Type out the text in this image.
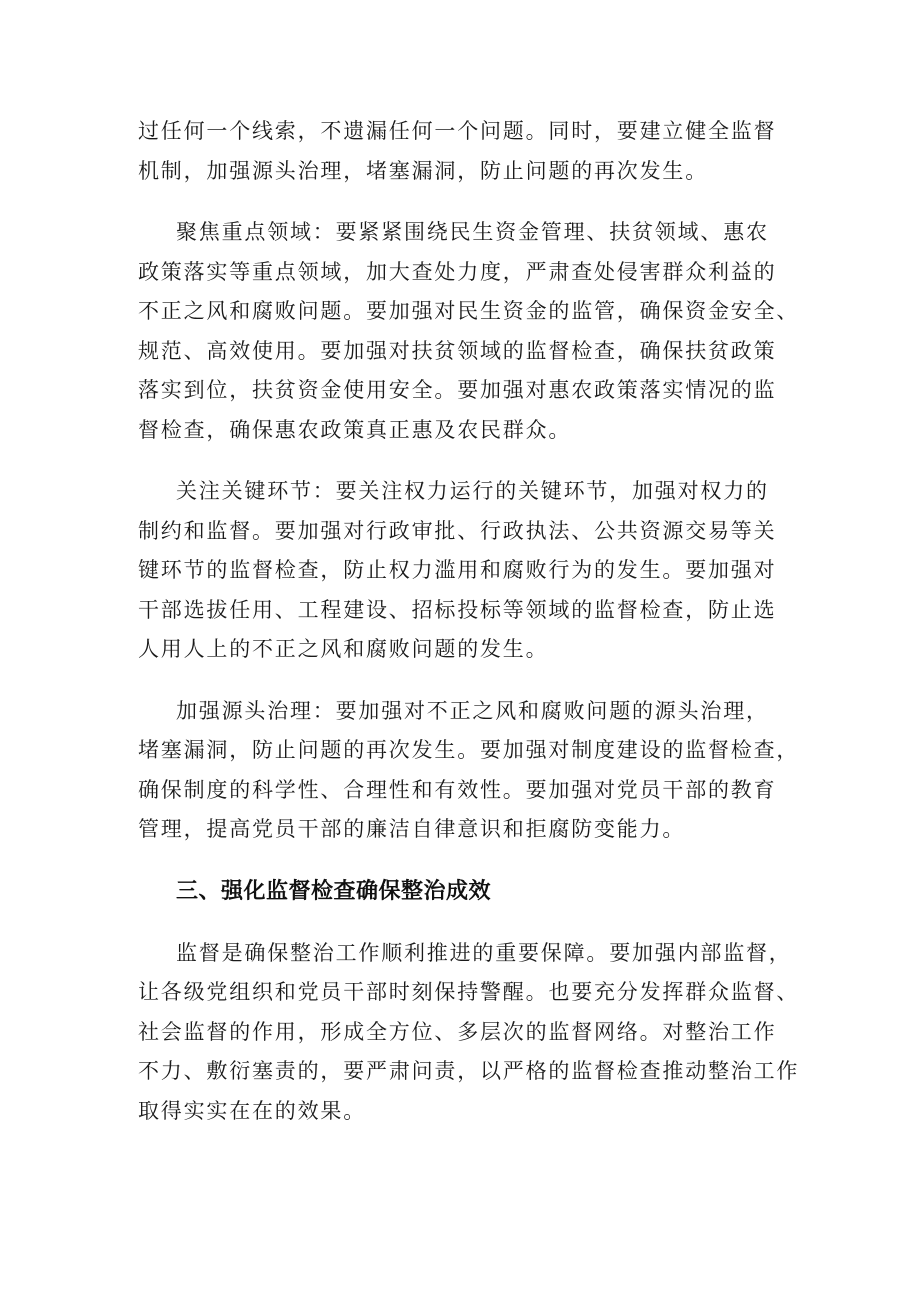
过任何一个线索，不遗漏任何一个问题。同时，要建立健全监督
机制，加强源头治理，堵塞漏洞，防止问题的再次发生。

聚焦重点领域：要紧紧围绕民生资金管理、扶贫领域、惠农
政策落实等重点领域，加大查处力度，严肃查处侵害群众利益的
不正之风和腐败问题。要加强对民生资金的监管，确保资金安全、
规范、高效使用。要加强对扶贫领域的监督检查，确保扶贫政策
落实到位，扶贫资金使用安全。要加强对惠农政策落实情况的监
督检查，确保惠农政策真正惠及农民群众。

关注关键环节：要关注权力运行的关键环节，加强对权力的
制约和监督。要加强对行政审批、行政执法、公共资源交易等关
键环节的监督检查，防止权力滥用和腐败行为的发生。要加强对
干部选拔任用、工程建设、招标投标等领域的监督检查，防止选
人用人上的不正之风和腐败问题的发生。

加强源头治理：要加强对不正之风和腐败问题的源头治理，
堵塞漏洞，防止问题的再次发生。要加强对制度建设的监督检查，
确保制度的科学性、合理性和有效性。要加强对党员干部的教育
管理，提高党员干部的廉洁自律意识和拒腐防变能力。

三、强化监督检查确保整治成效

监督是确保整治工作顺利推进的重要保障。要加强内部监督，
让各级党组织和党员干部时刻保持警醒。也要充分发挥群众监督、
社会监督的作用，形成全方位、多层次的监督网络。对整治工作
不力、敷衍塞责的，要严肃问责，以严格的监督检查推动整治工作
取得实实在在的效果。
